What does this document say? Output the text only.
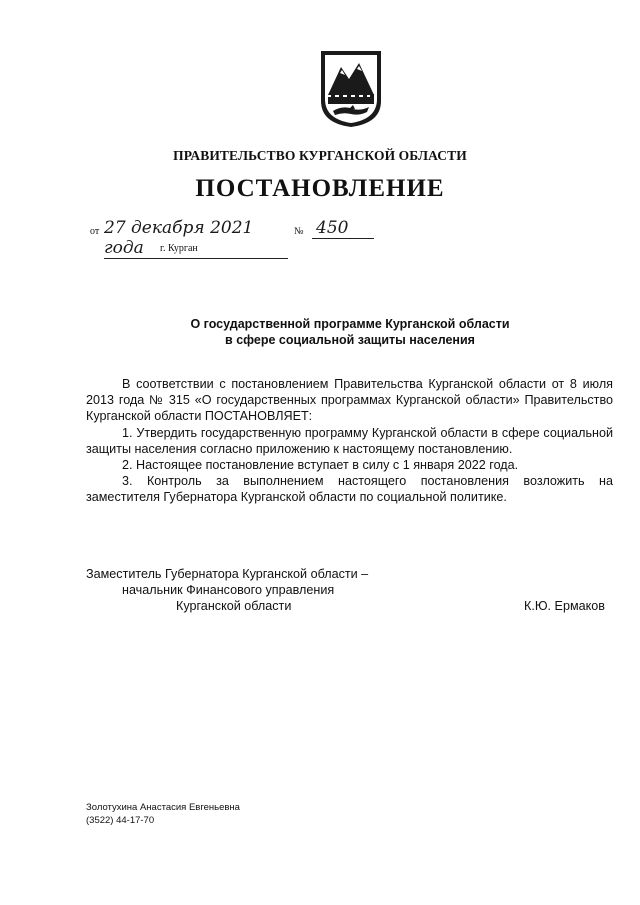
ПРАВИТЕЛЬСТВО КУРГАНСКОЙ ОБЛАСТИ
ПОСТАНОВЛЕНИЕ
от 27 декабря 2021 года
№ 450
г. Курган
О государственной программе Курганской области
в сфере социальной защиты населения

В соответствии с постановлением Правительства Курганской области от 8 июля 2013 года № 315 «О государственных программах Курганской области» Правительство Курганской области ПОСТАНОВЛЯЕТ:

1. Утвердить государственную программу Курганской области в сфере социальной защиты населения согласно приложению к настоящему постановлению.

2. Настоящее постановление вступает в силу с 1 января 2022 года.

3. Контроль за выполнением настоящего постановления возложить на заместителя Губернатора Курганской области по социальной политике.

Заместитель Губернатора Курганской области –
начальник Финансового управления
Курганской области	К.Ю. Ермаков
Золотухина Анастасия Евгеньевна
(3522) 44-17-70
